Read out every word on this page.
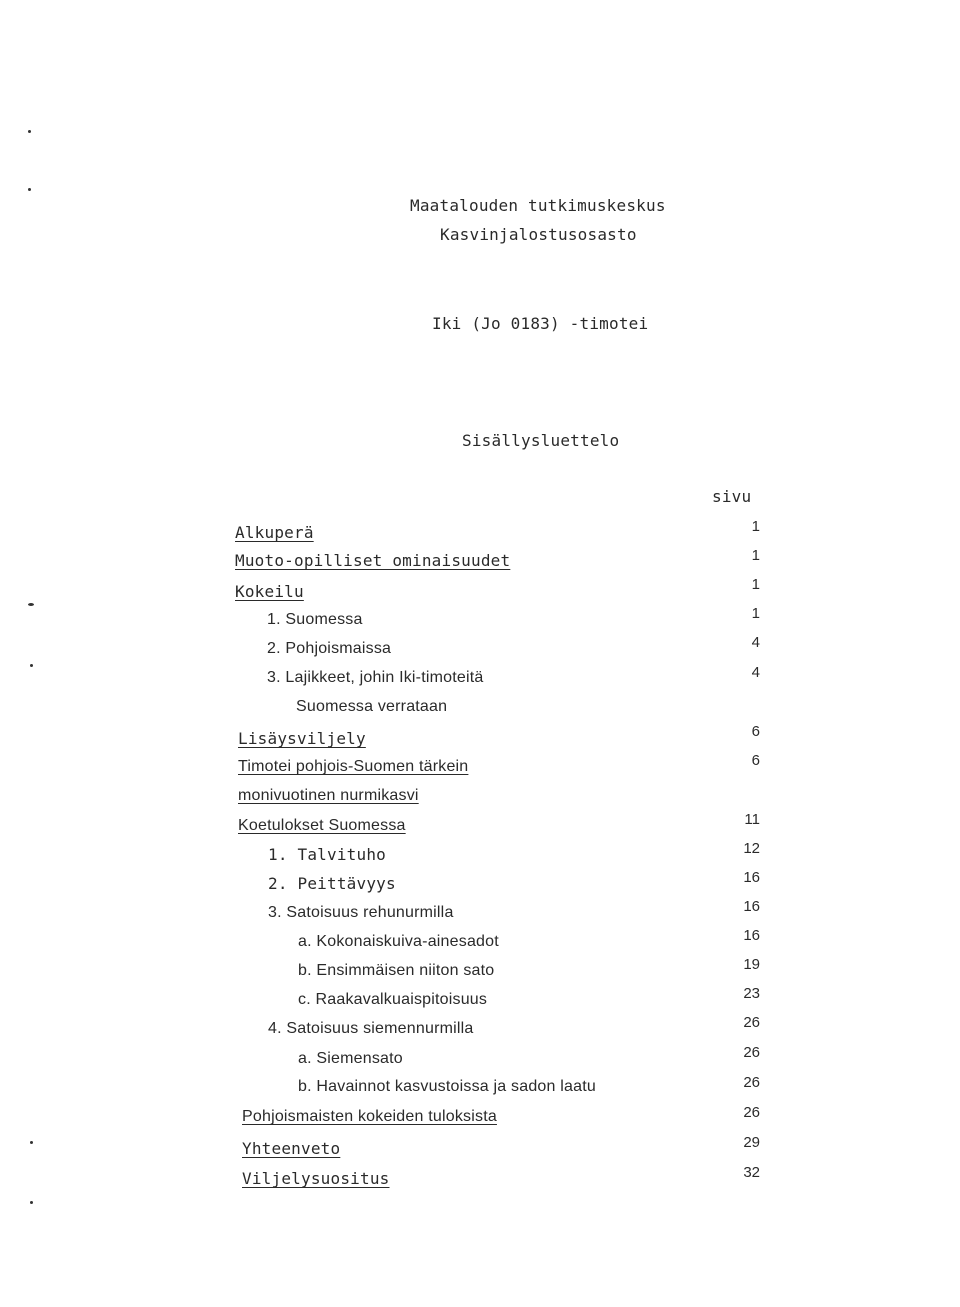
Maatalouden tutkimuskeskus
Kasvinjalostusosasto
Iki (Jo 0183) -timotei
Sisällysluettelo
sivu
Alkuperä	1
Muoto-opilliset ominaisuudet	1
Kokeilu	1
1. Suomessa	1
2. Pohjoismaissa	4
3. Lajikkeet, johin Iki-timoteitä	4
Suomessa verrataan
Lisäysviljely	6
Timotei pohjois-Suomen tärkein	6
monivuotinen nurmikasvi
Koetulokset Suomessa	11
1. Talvituho	12
2. Peittävyys	16
3. Satoisuus rehunurmilla	16
a. Kokonaiskuiva-ainesadot	16
b. Ensimmäisen niiton sato	19
c. Raakavalkuaispitoisuus	23
4. Satoisuus siemennurmilla	26
a. Siemensato	26
b. Havainnot kasvustoissa ja sadon laatu	26
Pohjoismaisten kokeiden tuloksista	26
Yhteenveto	29
Viljelysuositus	32
